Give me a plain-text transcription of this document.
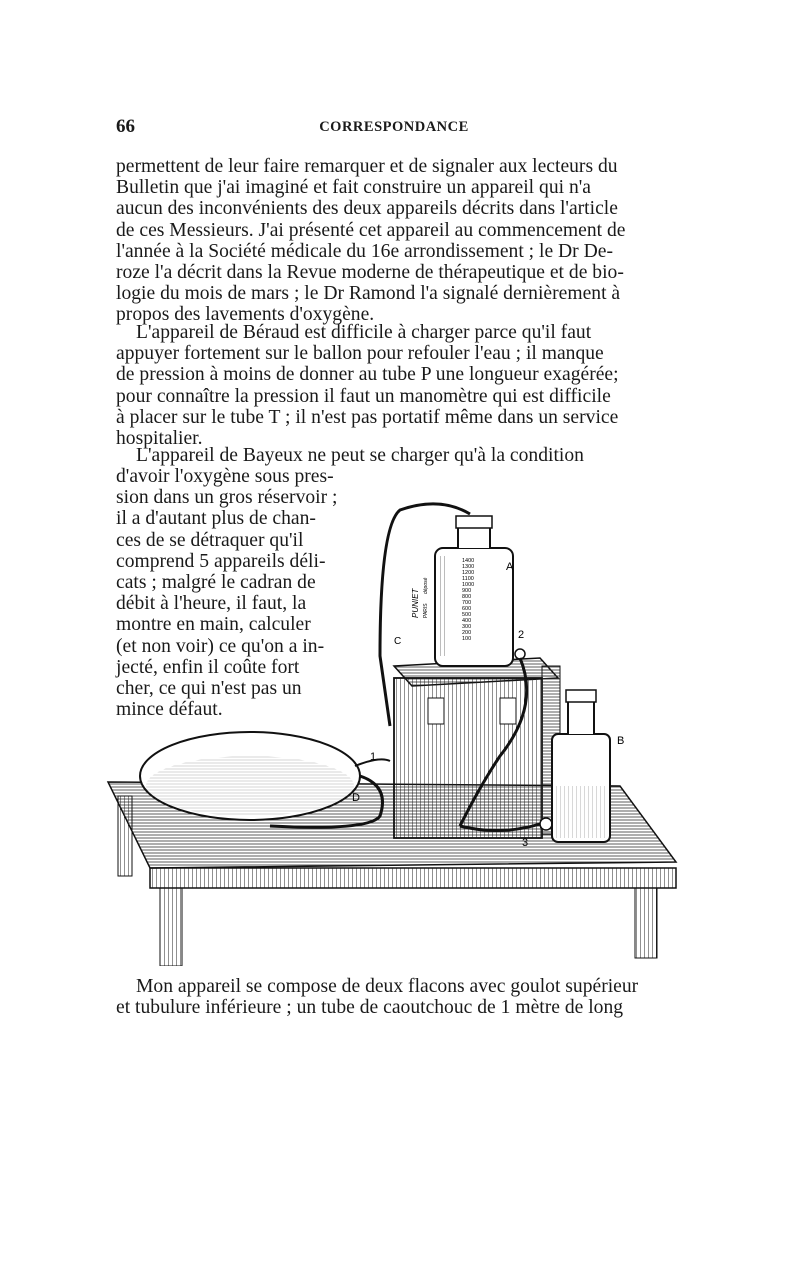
66	CORRESPONDANCE
permettent de leur faire remarquer et de signaler aux lecteurs du
Bulletin que j'ai imaginé et fait construire un appareil qui n'a
aucun des inconvénients des deux appareils décrits dans l'article
de ces Messieurs. J'ai présenté cet appareil au commencement de
l'année à la Société médicale du 16e arrondissement ; le Dr De-
roze l'a décrit dans la Revue moderne de thérapeutique et de bio-
logie du mois de mars ; le Dr Ramond l'a signalé dernièrement à
propos des lavements d'oxygène.
L'appareil de Béraud est difficile à charger parce qu'il faut
appuyer fortement sur le ballon pour refouler l'eau ; il manque
de pression à moins de donner au tube P une longueur exagérée;
pour connaître la pression il faut un manomètre qui est difficile
à placer sur le tube T ; il n'est pas portatif même dans un service
hospitalier.
L'appareil de Bayeux ne peut se charger qu'à la condition
d'avoir l'oxygène sous pres-
sion dans un gros réservoir ;
il a d'autant plus de chan-
ces de se détraquer qu'il
comprend 5 appareils déli-
cats ; malgré le cadran de
débit à l'heure, il faut, la
montre en main, calculer
(et non voir) ce qu'on a in-
jecté, enfin il coûte fort
cher, ce qui n'est pas un
mince défaut.
D
1400
1300
1200
1100
1000
900
800
700
600
500
400
300
200
100
PUNIET PARIS
déposé
A
C
2
1
3
B
Mon appareil se compose de deux flacons avec goulot supérieur
et tubulure inférieure ; un tube de caoutchouc de 1 mètre de long
